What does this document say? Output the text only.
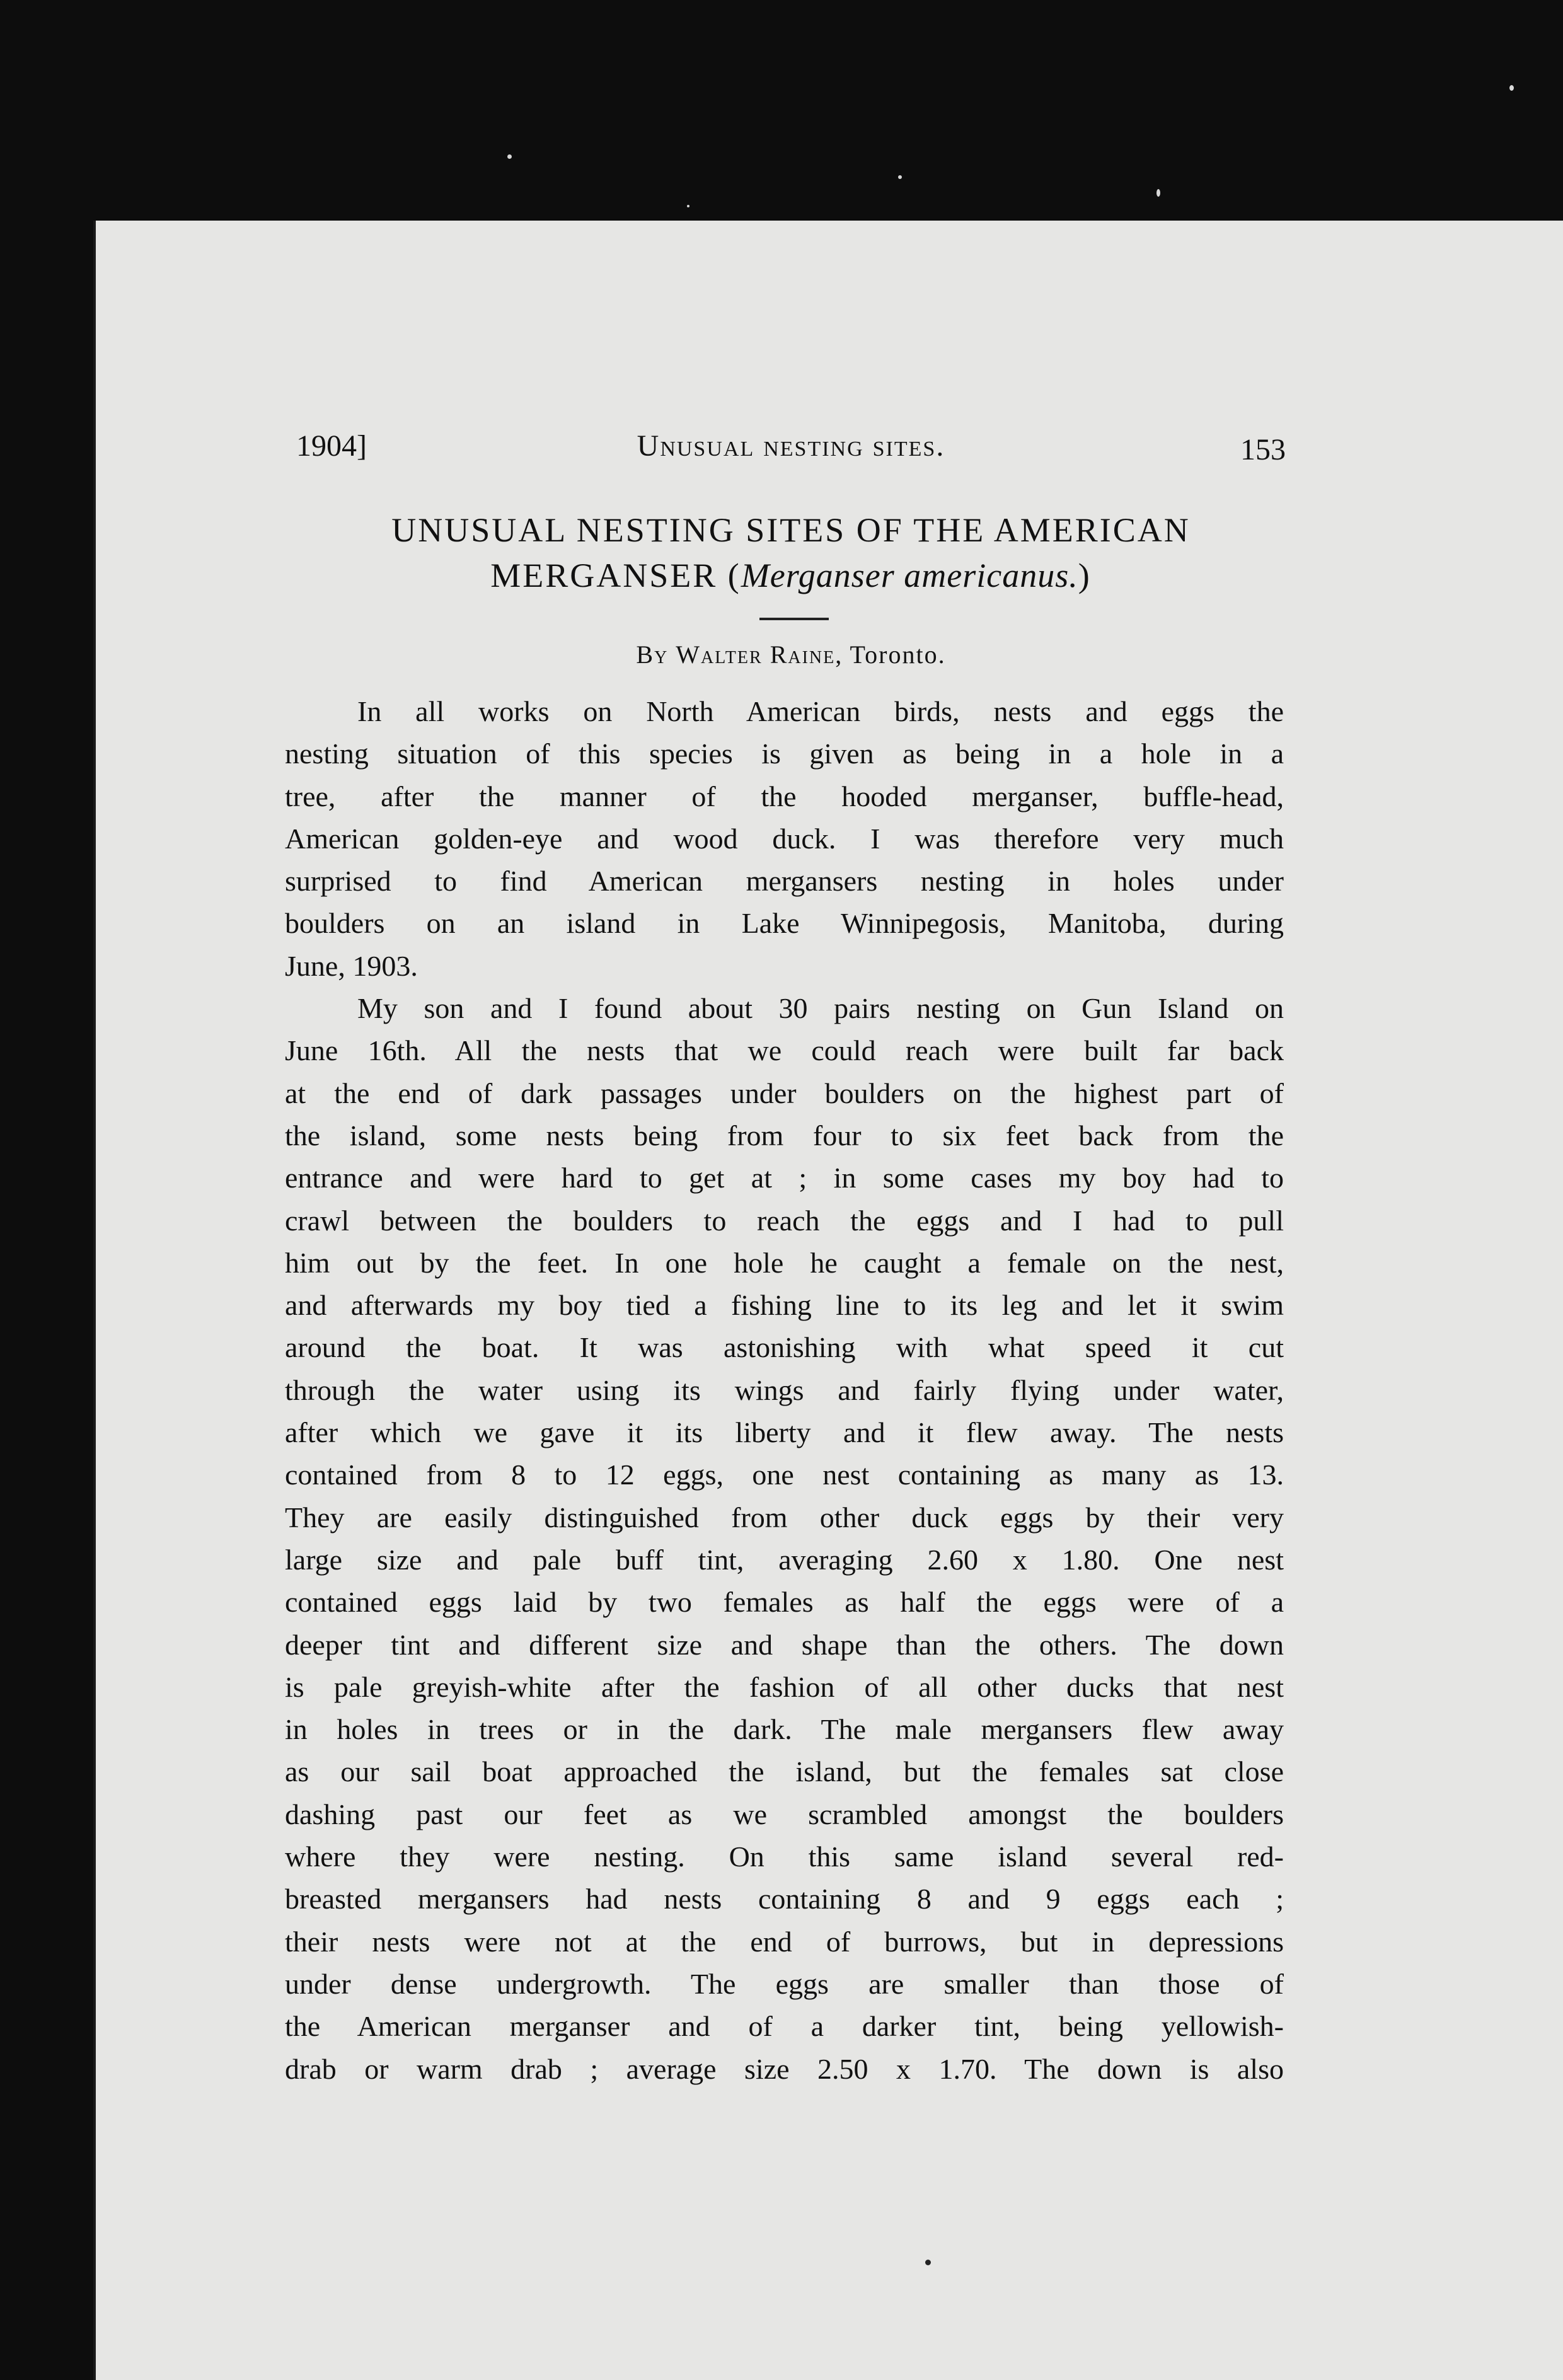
1904]	Unusual nesting sites.	153
UNUSUAL NESTING SITES OF THE AMERICAN
MERGANSER (Merganser americanus.)
By Walter Raine, Toronto.
In all works on North American birds, nests and eggs the
nesting situation of this species is given as being in a hole in a
tree, after the manner of the hooded merganser, buffle-head,
American golden-eye and wood duck. I was therefore very much
surprised to find American mergansers nesting in holes under
boulders on an island in Lake Winnipegosis, Manitoba, during
June, 1903.
My son and I found about 30 pairs nesting on Gun Island on
June 16th. All the nests that we could reach were built far back
at the end of dark passages under boulders on the highest part of
the island, some nests being from four to six feet back from the
entrance and were hard to get at ; in some cases my boy had to
crawl between the boulders to reach the eggs and I had to pull
him out by the feet. In one hole he caught a female on the nest,
and afterwards my boy tied a fishing line to its leg and let it swim
around the boat. It was astonishing with what speed it cut
through the water using its wings and fairly flying under water,
after which we gave it its liberty and it flew away. The nests
contained from 8 to 12 eggs, one nest containing as many as 13.
They are easily distinguished from other duck eggs by their very
large size and pale buff tint, averaging 2.60 x 1.80. One nest
contained eggs laid by two females as half the eggs were of a
deeper tint and different size and shape than the others. The down
is pale greyish-white after the fashion of all other ducks that nest
in holes in trees or in the dark. The male mergansers flew away
as our sail boat approached the island, but the females sat close
dashing past our feet as we scrambled amongst the boulders
where they were nesting. On this same island several red-
breasted mergansers had nests containing 8 and 9 eggs each ;
their nests were not at the end of burrows, but in depressions
under dense undergrowth. The eggs are smaller than those of
the American merganser and of a darker tint, being yellowish-
drab or warm drab ; average size 2.50 x 1.70. The down is also
